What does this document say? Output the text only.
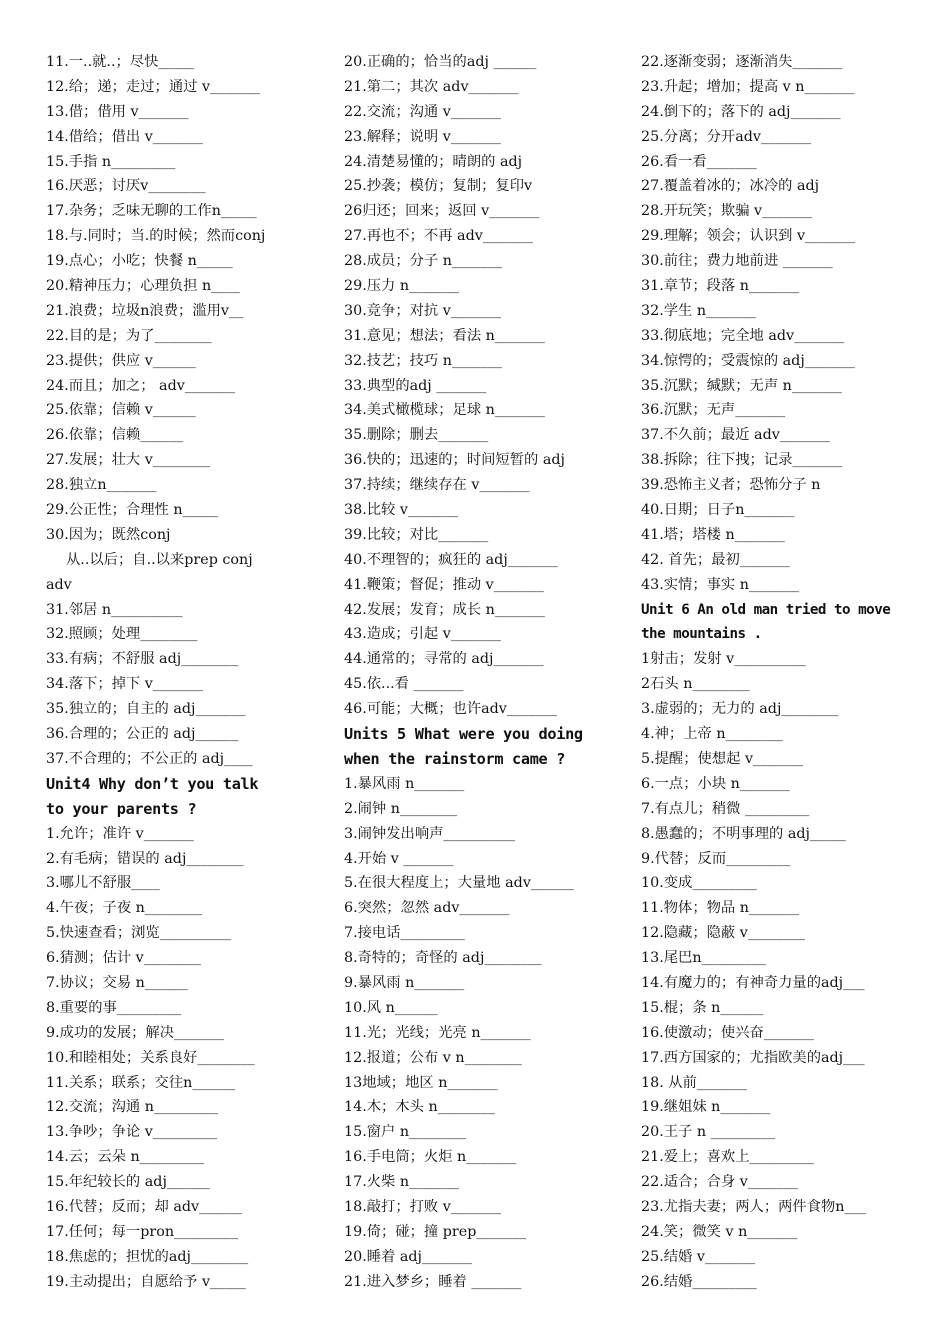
11.一..就..；尽快_____
12.给；递；走过；通过 v_______
13.借；借用 v_______
14.借给；借出 v_______
15.手指 n_________
16.厌恶；讨厌v________
17.杂务；乏味无聊的工作n_____
18.与.同时；当.的时候；然而conj
19.点心；小吃；快餐 n_____
20.精神压力；心理负担 n____
21.浪费；垃圾n浪费；滥用v__
22.目的是；为了________
23.提供；供应 v______
24.而且；加之； adv_______
25.依靠；信赖 v______
26.依靠；信赖______
27.发展；壮大 v________
28.独立n_______
29.公正性；合理性 n_____
30.因为；既然conj
从..以后；自..以来prep conj
adv
31.邻居 n__________
32.照顾；处理________
33.有病；不舒服 adj________
34.落下；掉下 v_______
35.独立的；自主的 adj_______
36.合理的；公正的 adj______
37.不合理的；不公正的 adj____
Unit4 Why don’t you talk
to your parents ?
1.允许；准许 v_______
2.有毛病；错误的 adj________
3.哪儿不舒服____
4.午夜；子夜 n________
5.快速查看；浏览__________
6.猜测；估计 v________
7.协议；交易 n______
8.重要的事_________
9.成功的发展；解决_______
10.和睦相处；关系良好________
11.关系；联系；交往n______
12.交流；沟通 n_________
13.争吵；争论 v_________
14.云；云朵 n_________
15.年纪较长的 adj______
16.代替；反而；却 adv______
17.任何；每一pron_________
18.焦虑的；担忧的adj________
19.主动提出；自愿给予 v_____
20.正确的；恰当的adj ______
21.第二；其次 adv_______
22.交流；沟通 v_______
23.解释；说明 v_______
24.清楚易懂的；晴朗的 adj
25.抄袭；模仿；复制；复印v
26归还；回来；返回 v_______
27.再也不；不再 adv_______
28.成员；分子 n_______
29.压力 n_______
30.竞争；对抗 v_______
31.意见；想法；看法 n_______
32.技艺；技巧 n_______
33.典型的adj _______
34.美式橄榄球；足球 n_______
35.删除；删去_______
36.快的；迅速的；时间短暂的 adj
37.持续；继续存在 v_______
38.比较 v_______
39.比较；对比_______
40.不理智的；疯狂的 adj_______
41.鞭策；督促；推动 v_______
42.发展；发育；成长 n_______
43.造成；引起 v_______
44.通常的；寻常的 adj_______
45.依...看 _______
46.可能；大概；也许adv_______
Units 5 What were you doing
when the rainstorm came ?
1.暴风雨 n_______
2.闹钟 n________
3.闹钟发出响声__________
4.开始 v _______
5.在很大程度上；大量地 adv______
6.突然；忽然 adv_______
7.接电话_________
8.奇特的；奇怪的 adj________
9.暴风雨 n_______
10.风 n______
11.光；光线；光亮 n_______
12.报道；公布 v n________
13地域；地区 n_______
14.木；木头 n________
15.窗户 n________
16.手电筒；火炬 n_______
17.火柴 n_______
18.敲打；打败 v_______
19.倚；碰；撞 prep_______
20.睡着 adj_______
21.进入梦乡；睡着 _______
22.逐渐变弱；逐渐消失_______
23.升起；增加；提高 v n_______
24.倒下的；落下的 adj_______
25.分离；分开adv_______
26.看一看_______
27.覆盖着冰的；冰冷的 adj
28.开玩笑；欺骗 v_______
29.理解；领会；认识到 v_______
30.前往；费力地前进 _______
31.章节；段落 n_______
32.学生 n_______
33.彻底地；完全地 adv_______
34.惊愕的；受震惊的 adj_______
35.沉默；缄默；无声 n_______
36.沉默；无声_______
37.不久前；最近 adv_______
38.拆除；往下拽；记录_______
39.恐怖主义者；恐怖分子 n
40.日期；日子n_______
41.塔；塔楼 n_______
42. 首先；最初_______
43.实情；事实 n_______
Unit 6 An old man tried to move
the mountains .
1射击；发射 v__________
2石头 n________
3.虚弱的；无力的 adj________
4.神；上帝 n________
5.提醒；使想起 v_______
6.一点；小块 n_______
7.有点儿；稍微 _________
8.愚蠢的；不明事理的 adj_____
9.代替；反而_________
10.变成_________
11.物体；物品 n_______
12.隐藏；隐蔽 v________
13.尾巴n_________
14.有魔力的；有神奇力量的adj___
15.棍；条 n______
16.使激动；使兴奋_______
17.西方国家的；尤指欧美的adj___
18. 从前_______
19.继姐妹 n_______
20.王子 n _________
21.爱上；喜欢上_________
22.适合；合身 v_______
23.尤指夫妻；两人；两件食物n___
24.笑；微笑 v n_______
25.结婚 v_______
26.结婚_________
